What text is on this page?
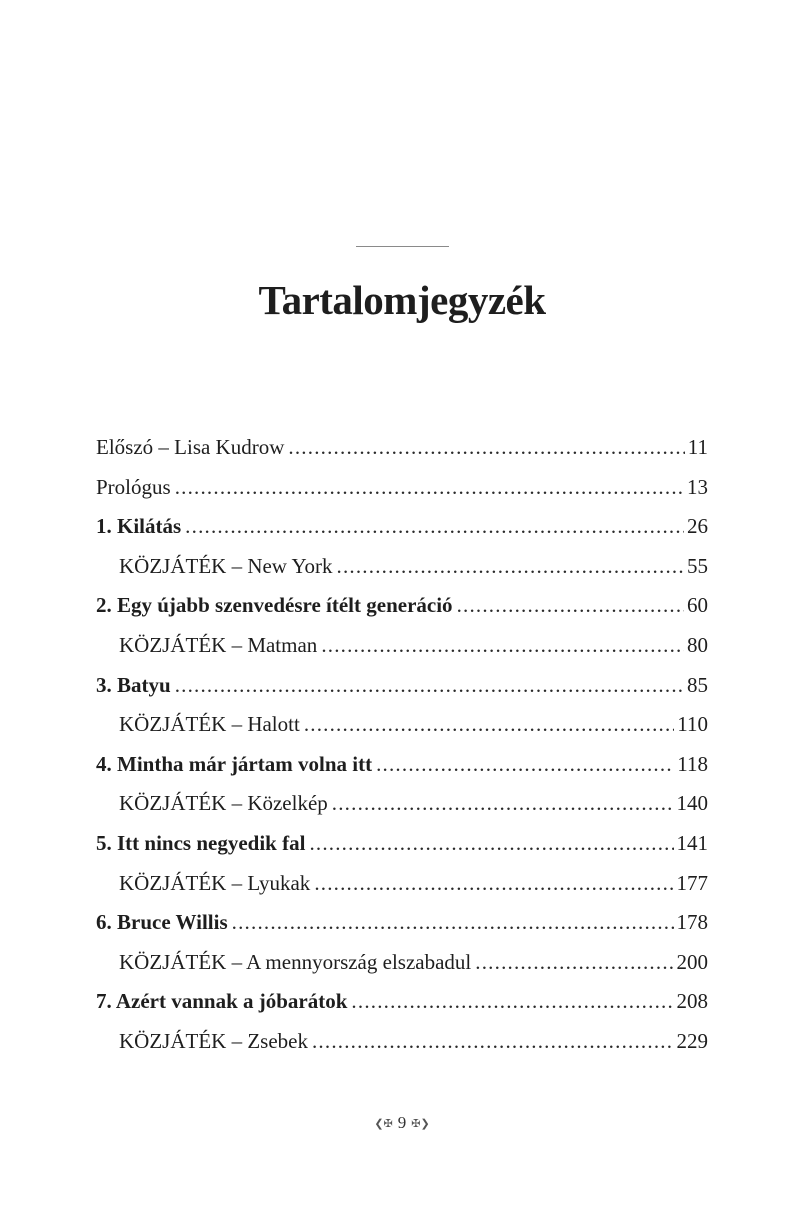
Tartalomjegyzék
Előszó – Lisa Kudrow .....	11
Prológus .....	13
1. Kilátás .....	26
KÖZJÁTÉK – New York .....	55
2. Egy újabb szenvedésre ítélt generáció .....	60
KÖZJÁTÉK – Matman .....	80
3. Batyu .....	85
KÖZJÁTÉK – Halott .....	110
4. Mintha már jártam volna itt .....	118
KÖZJÁTÉK – Közelkép .....	140
5. Itt nincs negyedik fal .....	141
KÖZJÁTÉK – Lyukak .....	177
6. Bruce Willis .....	178
KÖZJÁTÉK – A mennyország elszabadul .....	200
7. Azért vannak a jóbarátok .....	208
KÖZJÁTÉK – Zsebek .....	229
❮✠ 9 ✠❯
